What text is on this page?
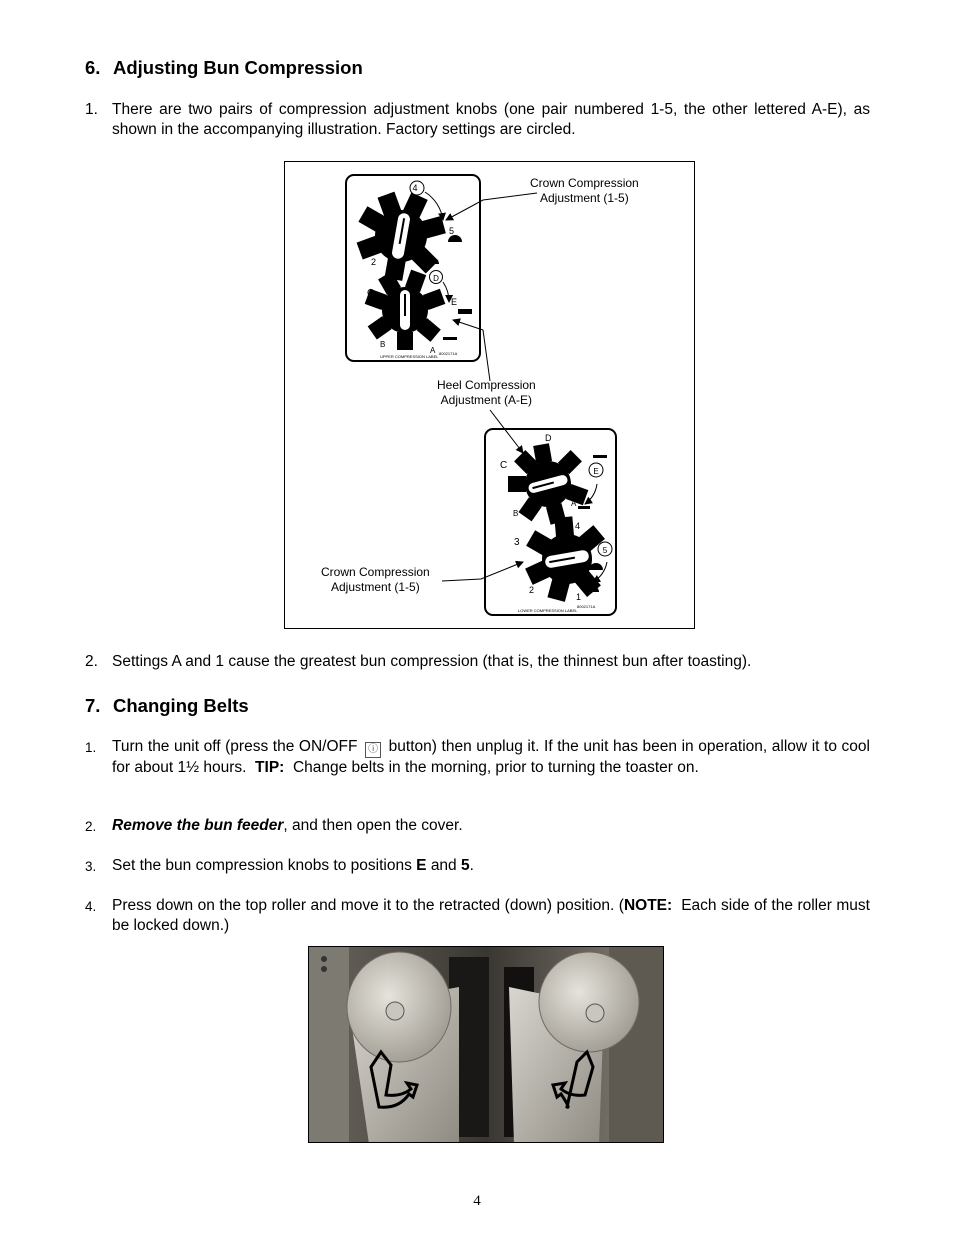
6. Adjusting Bun Compression
1. There are two pairs of compression adjustment knobs (one pair numbered 1-5, the other lettered A-E), as shown in the accompanying illustration. Factory settings are circled.
4
3
5
2	1
D
C
E
B
A 8002171A
UPPER COMPRESSION LABEL
D
C
E
A
B
4
3
5
2
1
8002171A
LOWER COMPRESSION LABEL
Crown Compression
Adjustment (1-5)
Heel Compression
Adjustment (A-E)
Crown Compression
Adjustment (1-5)
2. Settings A and 1 cause the greatest bun compression (that is, the thinnest bun after toasting).
7. Changing Belts
1. Turn the unit off (press the ON/OFF ⓘ button) then unplug it. If the unit has been in operation, allow it to cool for about 1½ hours. TIP: Change belts in the morning, prior to turning the toaster on.
2. Remove the bun feeder, and then open the cover.
3. Set the bun compression knobs to positions E and 5.
4. Press down on the top roller and move it to the retracted (down) position. (NOTE: Each side of the roller must be locked down.)
4
